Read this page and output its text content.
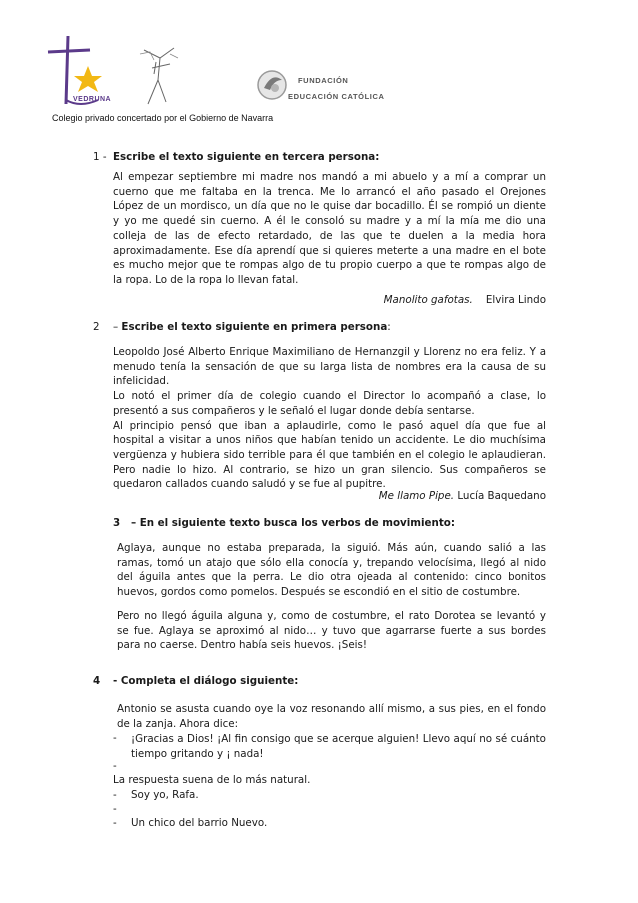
VEDRUNA
FUNDACIÓN
EDUCACIÓN CATÓLICA
Colegio privado concertado por el Gobierno de Navarra
1 - Escribe el texto siguiente en tercera persona:
Al empezar septiembre mi madre nos mandó a mi abuelo y a mí a comprar un
cuerno que me faltaba en la trenca. Me lo arrancó el año pasado el Orejones
López de un mordisco, un día que no le quise dar bocadillo. Él se rompió un diente
y yo me quedé sin cuerno. A él le consoló su madre y a mí la mía me dio una
colleja de las de efecto retardado, de las que te duelen a la media hora
aproximadamente. Ese día aprendí que si quieres meterte a una madre en el bote
es mucho mejor que te rompas algo de tu propio cuerpo a que te rompas algo de
la ropa. Lo de la ropa lo llevan fatal.
Manolito gafotas. Elvira Lindo
2 – Escribe el texto siguiente en primera persona:
Leopoldo José Alberto Enrique Maximiliano de Hernanzgil y Llorenz no era feliz. Y a
menudo tenía la sensación de que su larga lista de nombres era la causa de su
infelicidad.
Lo notó el primer día de colegio cuando el Director lo acompañó a clase, lo
presentó a sus compañeros y le señaló el lugar donde debía sentarse.
Al principio pensó que iban a aplaudirle, como le pasó aquel día que fue al
hospital a visitar a unos niños que habían tenido un accidente. Le dio muchísima
vergüenza y hubiera sido terrible para él que también en el colegio le aplaudieran.
Pero nadie lo hizo. Al contrario, se hizo un gran silencio. Sus compañeros se
quedaron callados cuando saludó y se fue al pupitre.
Me llamo Pipe. Lucía Baquedano
3 – En el siguiente texto busca los verbos de movimiento:
Aglaya, aunque no estaba preparada, la siguió. Más aún, cuando salió a las
ramas, tomó un atajo que sólo ella conocía y, trepando velocísima, llegó al nido
del águila antes que la perra. Le dio otra ojeada al contenido: cinco bonitos
huevos, gordos como pomelos. Después se escondió en el sitio de costumbre.
Pero no llegó águila alguna y, como de costumbre, el rato Dorotea se levantó y
se fue. Aglaya se aproximó al nido… y tuvo que agarrarse fuerte a sus bordes
para no caerse. Dentro había seis huevos. ¡Seis!
4 - Completa el diálogo siguiente:
Antonio se asusta cuando oye la voz resonando allí mismo, a sus pies, en el fondo
de la zanja. Ahora dice:
- ¡Gracias a Dios! ¡Al fin consigo que se acerque alguien! Llevo aquí no sé cuánto
tiempo gritando y ¡ nada!
-
La respuesta suena de lo más natural.
- Soy yo, Rafa.
-
- Un chico del barrio Nuevo.
